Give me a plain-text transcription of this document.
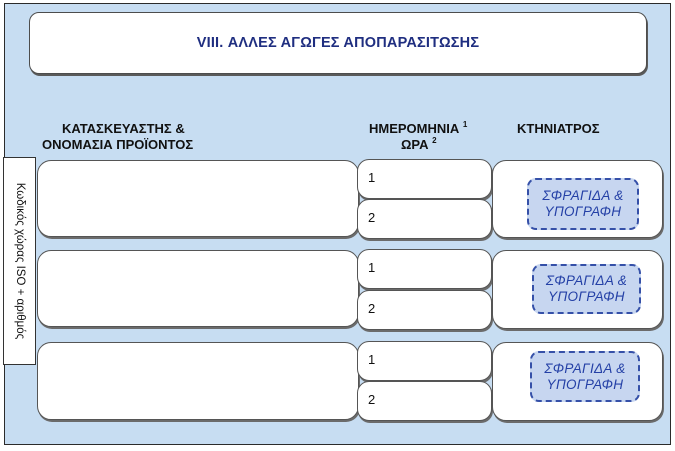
VIII. ΑΛΛΕΣ ΑΓΩΓΕΣ ΑΠΟΠΑΡΑΣΙΤΩΣΗΣ
ΚΑΤΑΣΚΕΥΑΣΤΗΣ &
ΟΝΟΜΑΣΙΑ ΠΡΟΪΟΝΤΟΣ
ΗΜΕΡΟΜΗΝΙΑ $^1$
ΩΡΑ $^2$
ΚΤΗΝΙΑΤΡΟΣ
Κωδικός χώρας ISO + αριθμός
1
2
ΣΦΡΑΓΙΔΑ &
ΥΠΟΓΡΑΦΗ
1
2
ΣΦΡΑΓΙΔΑ &
ΥΠΟΓΡΑΦΗ
1
2
ΣΦΡΑΓΙΔΑ &
ΥΠΟΓΡΑΦΗ
